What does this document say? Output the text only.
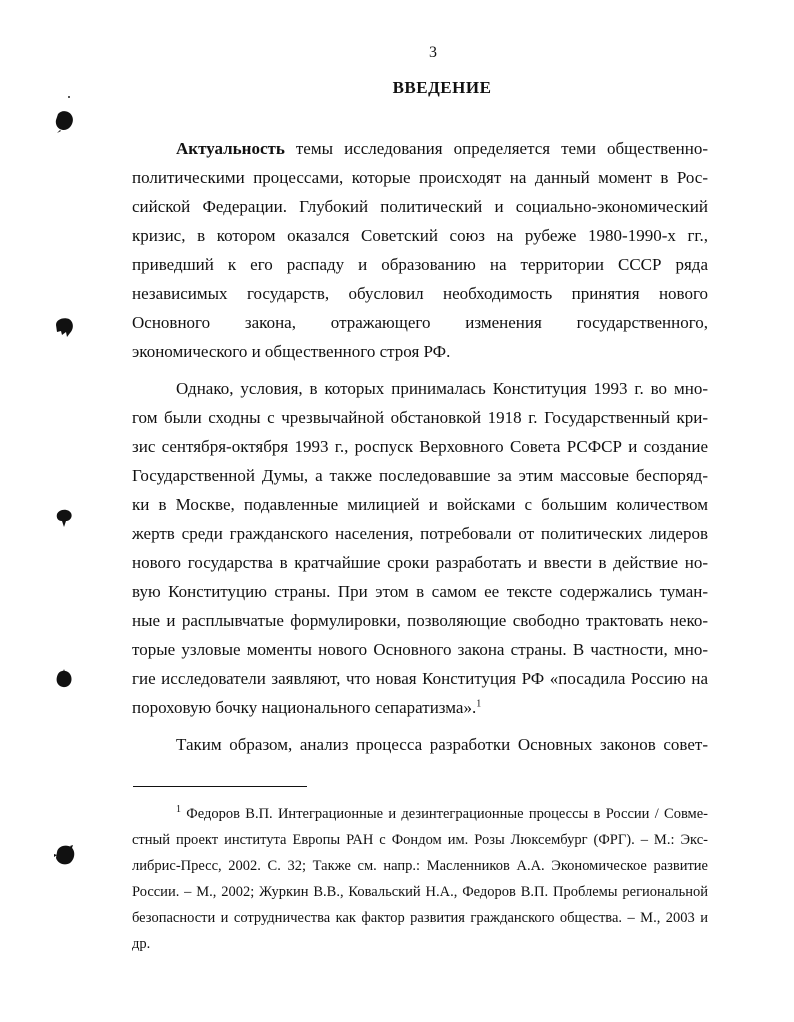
3
ВВЕДЕНИЕ
Актуальность темы исследования определяется теми общественно-
политическими процессами, которые происходят на данный момент в Рос-
сийской Федерации. Глубокий политический и социально-экономический
кризис, в котором оказался Советский союз на рубеже 1980-1990-х гг.,
приведший к его распаду и образованию на территории СССР ряда
независимых государств, обусловил необходимость принятия нового
Основного закона, отражающего изменения государственного,
экономического и общественного строя РФ.
Однако, условия, в которых принималась Конституция 1993 г. во мно-
гом были сходны с чрезвычайной обстановкой 1918 г. Государственный кри-
зис сентября-октября 1993 г., роспуск Верховного Совета РСФСР и создание
Государственной Думы, а также последовавшие за этим массовые беспоряд-
ки в Москве, подавленные милицией и войсками с большим количеством
жертв среди гражданского населения, потребовали от политических лидеров
нового государства в кратчайшие сроки разработать и ввести в действие но-
вую Конституцию страны. При этом в самом ее тексте содержались туман-
ные и расплывчатые формулировки, позволяющие свободно трактовать неко-
торые узловые моменты нового Основного закона страны. В частности, мно-
гие исследователи заявляют, что новая Конституция РФ «посадила Россию на
пороховую бочку национального сепаратизма».$^1$
Таким образом, анализ процесса разработки Основных законов совет-
$^1$ Федоров В.П. Интеграционные и дезинтеграционные процессы в России / Совме-
стный проект института Европы РАН с Фондом им. Розы Люксембург (ФРГ). – М.: Экс-
либрис-Пресс, 2002. С. 32; Также см. напр.: Масленников А.А. Экономическое развитие
России. – М., 2002; Журкин В.В., Ковальский Н.А., Федоров В.П. Проблемы региональной
безопасности и сотрудничества как фактор развития гражданского общества. – М., 2003 и
др.
